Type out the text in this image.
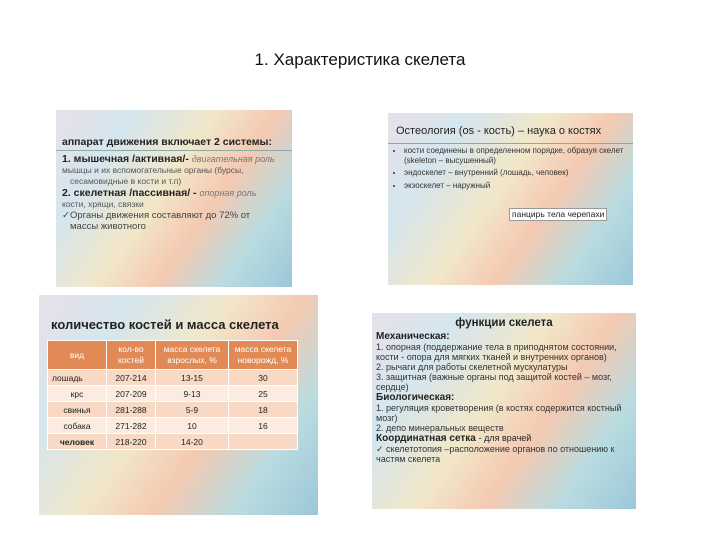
1. Характеристика скелета
аппарат движения включает 2 системы:
1. мышечная /активная/- двигательная роль
мышцы и их вспомогательные органы (бурсы,
сесамовидные в кости и т.п)
2. скелетная /пассивная/ - опорная роль
кости, хрящи, связки
✓Органы движения составляют до 72% от
массы животного
Остеология (os - кость) – наука о костях
• кости соединены в определенном порядке, образуя скелет (skeleton – высушенный)
• эндоскелет – внутренний (лошадь, человек)
• экзоскелет – наружный
панцирь тела черепахи
количество костей и масса скелета
вид	кол-во костей	масса скелета взрослых, %	масса скелета новорожд, %
лошадь	207-214	13-15	30
крс	207-209	9-13	25
свинья	281-288	5-9	18
собака	271-282	10	16
человек	218-220	14-20	
функции скелета
Механическая:
1. опорная (поддержание тела в приподнятом состоянии, кости - опора для мягких тканей и внутренних органов)
2. рычаги для работы скелетной мускулатуры
3. защитная (важные органы под защитой костей – мозг, сердце)
Биологическая:
1. регуляция кроветворения (в костях содержится костный мозг)
2. депо минеральных веществ
Координатная сетка - для врачей
✓ скелетотопия –расположение органов по отношению к частям скелета
